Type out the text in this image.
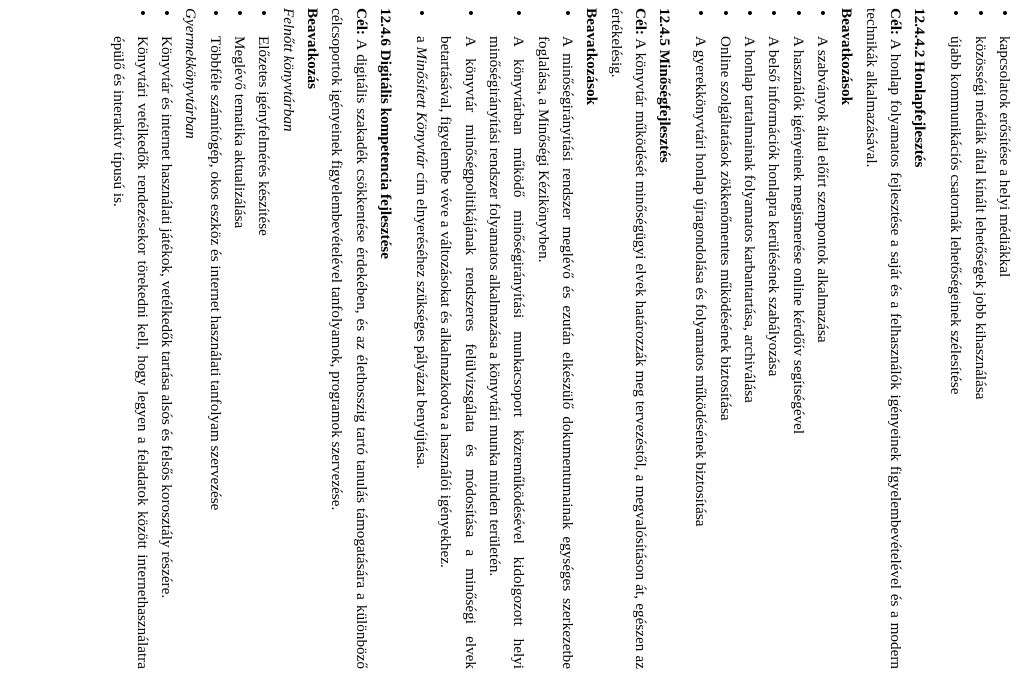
• kapcsolatok erősítése a helyi médiákkal
• közösségi médiák által kínált lehetőségek jobb kihasználása
• újabb kommunikációs csatornák lehetőségeinek szélesítése
12.4.4.2 Honlapfejlesztés
Cél: A honlap folyamatos fejlesztése a saját és a felhasználók igényeinek figyelembevételével és a modern technikák alkalmazásával.
Beavatkozások
• A szabványok által előírt szempontok alkalmazása
• A használók igényeinek megismerése online kérdőív segítségével
• A belső információk honlapra kerülésének szabályozása
• A honlap tartalmainak folyamatos karbantartása, archiválása
• Online szolgáltatások zökkenőmentes működésének biztosítása
• A gyerekkönyvtári honlap újragondolása és folyamatos működésének biztosítása
12.4.5 Minőségfejlesztés
Cél: A könyvtár működését minőségügyi elvek határozzák meg tervezéstől, a megvalósításon át, egészen az értékelésig.
Beavatkozások
• A minőségirányítási rendszer meglévő és ezután elkészülő dokumentumainak egységes szerkezetbe foglalása, a Minőségi Kézikönyvben.
• A könyvtárban működő minőségirányítási munkacsoport közreműködésével kidolgozott helyi minőségirányítási rendszer folyamatos alkalmazása a könyvtári munka minden területén.
• A könyvtár minőségpolitikájának rendszeres felülvizsgálata és módosítása a minőségi elvek betartásával, figyelembe véve a változásokat és alkalmazkodva a használói igényekhez.
• a Minősített Könyvtár cím elnyeréséhez szükséges pályázat benyújtása.
12.4.6 Digitális kompetencia fejlesztése
Cél: A digitális szakadék csökkentése érdekében, és az élethosszig tartó tanulás támogatására a különböző célcsoportok igényeinek figyelembevételével tanfolyamok, programok szervezése.
Beavatkozás
Felnőtt könyvtárban
• Előzetes igényfelmérés készítése
• Meglévő tematika aktualizálása
• Többféle számítógép, okos eszköz és internet használati tanfolyam szervezése
Gyermekkönyvtárban
• Könyvtár és internet használati játékok, vetélkedők tartása alsós és felsős korosztály részére.
• Könyvtári vetélkedők rendezésekor törekedni kell, hogy legyen a feladatok között internethasználatra épülő és interaktív típusú is.
